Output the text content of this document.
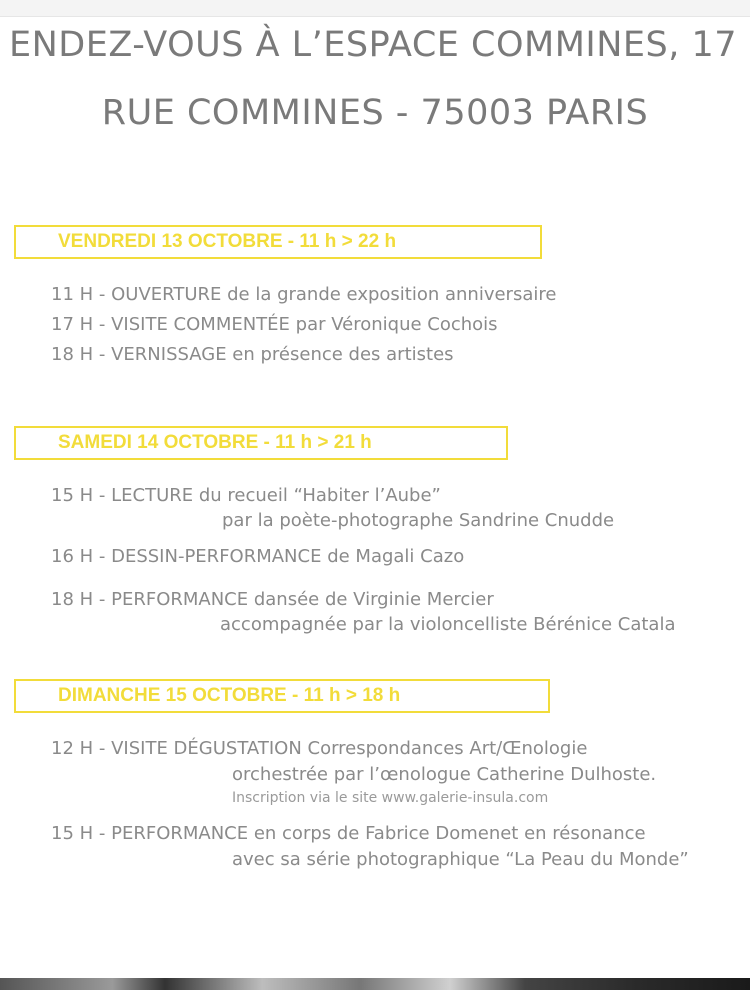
ENDEZ-VOUS À L’ESPACE COMMINES, 17
RUE COMMINES - 75003 PARIS
VENDREDI 13 OCTOBRE - 11 h > 22 h
11 H - OUVERTURE de la grande exposition anniversaire
17 H - VISITE COMMENTÉE par Véronique Cochois
18 H - VERNISSAGE en présence des artistes
SAMEDI 14 OCTOBRE - 11 h > 21 h
15 H - LECTURE du recueil “Habiter l’Aube”
par la poète-photographe Sandrine Cnudde
16 H - DESSIN-PERFORMANCE de Magali Cazo
18 H - PERFORMANCE dansée de Virginie Mercier
accompagnée par la violoncelliste Bérénice Catala
DIMANCHE 15 OCTOBRE - 11 h > 18 h
12 H - VISITE DÉGUSTATION Correspondances Art/Œnologie
orchestrée par l’œnologue Catherine Dulhoste.
Inscription via le site www.galerie-insula.com
15 H - PERFORMANCE en corps de Fabrice Domenet en résonance
avec sa série photographique “La Peau du Monde”
